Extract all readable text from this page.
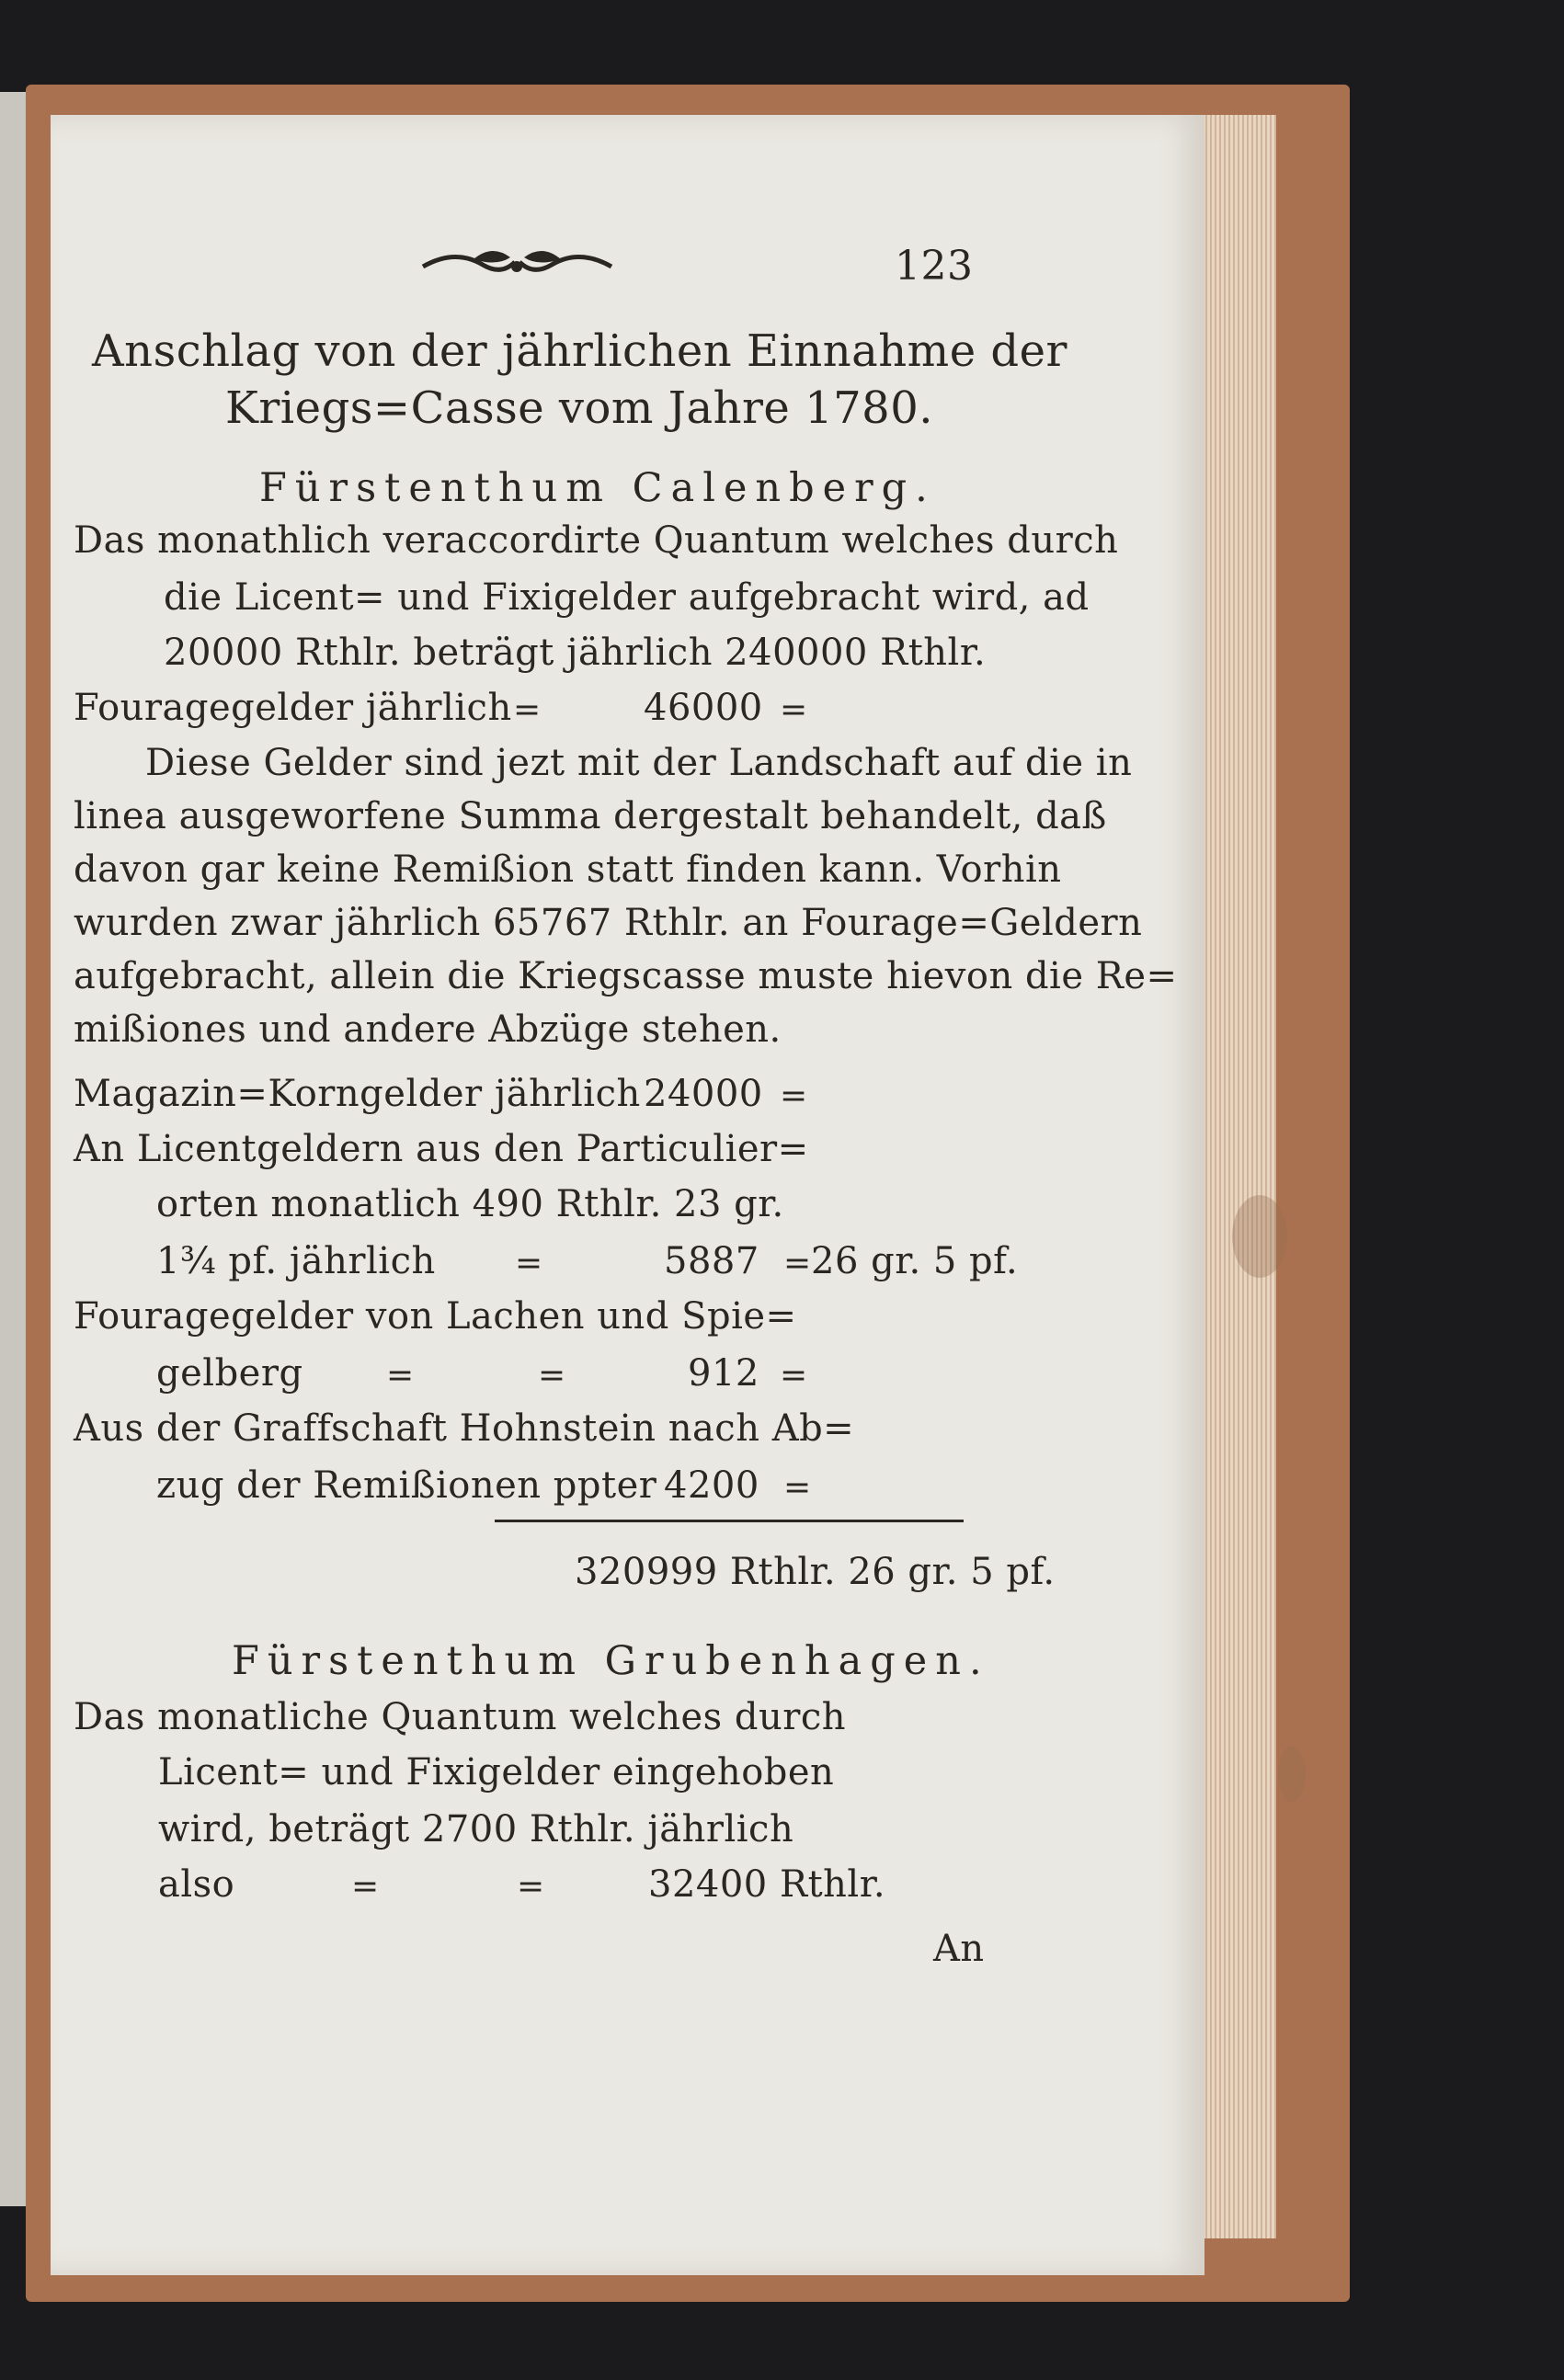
123
Anschlag von der jährlichen Einnahme der
Kriegs=Casse vom Jahre 1780.
Fürstenthum Calenberg.
Das monathlich veraccordirte Quantum welches durch
die Licent= und Fixigelder aufgebracht wird, ad
20000 Rthlr. beträgt jährlich 240000 Rthlr.
Fouragegelder jährlich =	46000 =
Diese Gelder sind jezt mit der Landschaft auf die in
linea ausgeworfene Summa dergestalt behandelt, daß
davon gar keine Remißion statt finden kann. Vorhin
wurden zwar jährlich 65767 Rthlr. an Fourage=Geldern
aufgebracht, allein die Kriegscasse muste hievon die Re=
mißiones und andere Abzüge stehen.
Magazin=Korngelder jährlich 24000 =
An Licentgeldern aus den Particulier=
orten monatlich 490 Rthlr. 23 gr.
1¾ pf. jährlich =	5887 = 26 gr. 5 pf.
Fouragegelder von Lachen und Spie=
gelberg	=	=	912 =
Aus der Graffschaft Hohnstein nach Ab=
zug der Remißionen ppter 4200 =
320999 Rthlr. 26 gr. 5 pf.
Fürstenthum Grubenhagen.
Das monatliche Quantum welches durch
Licent= und Fixigelder eingehoben
wird, beträgt 2700 Rthlr. jährlich
also	=	=	32400 Rthlr.
An
